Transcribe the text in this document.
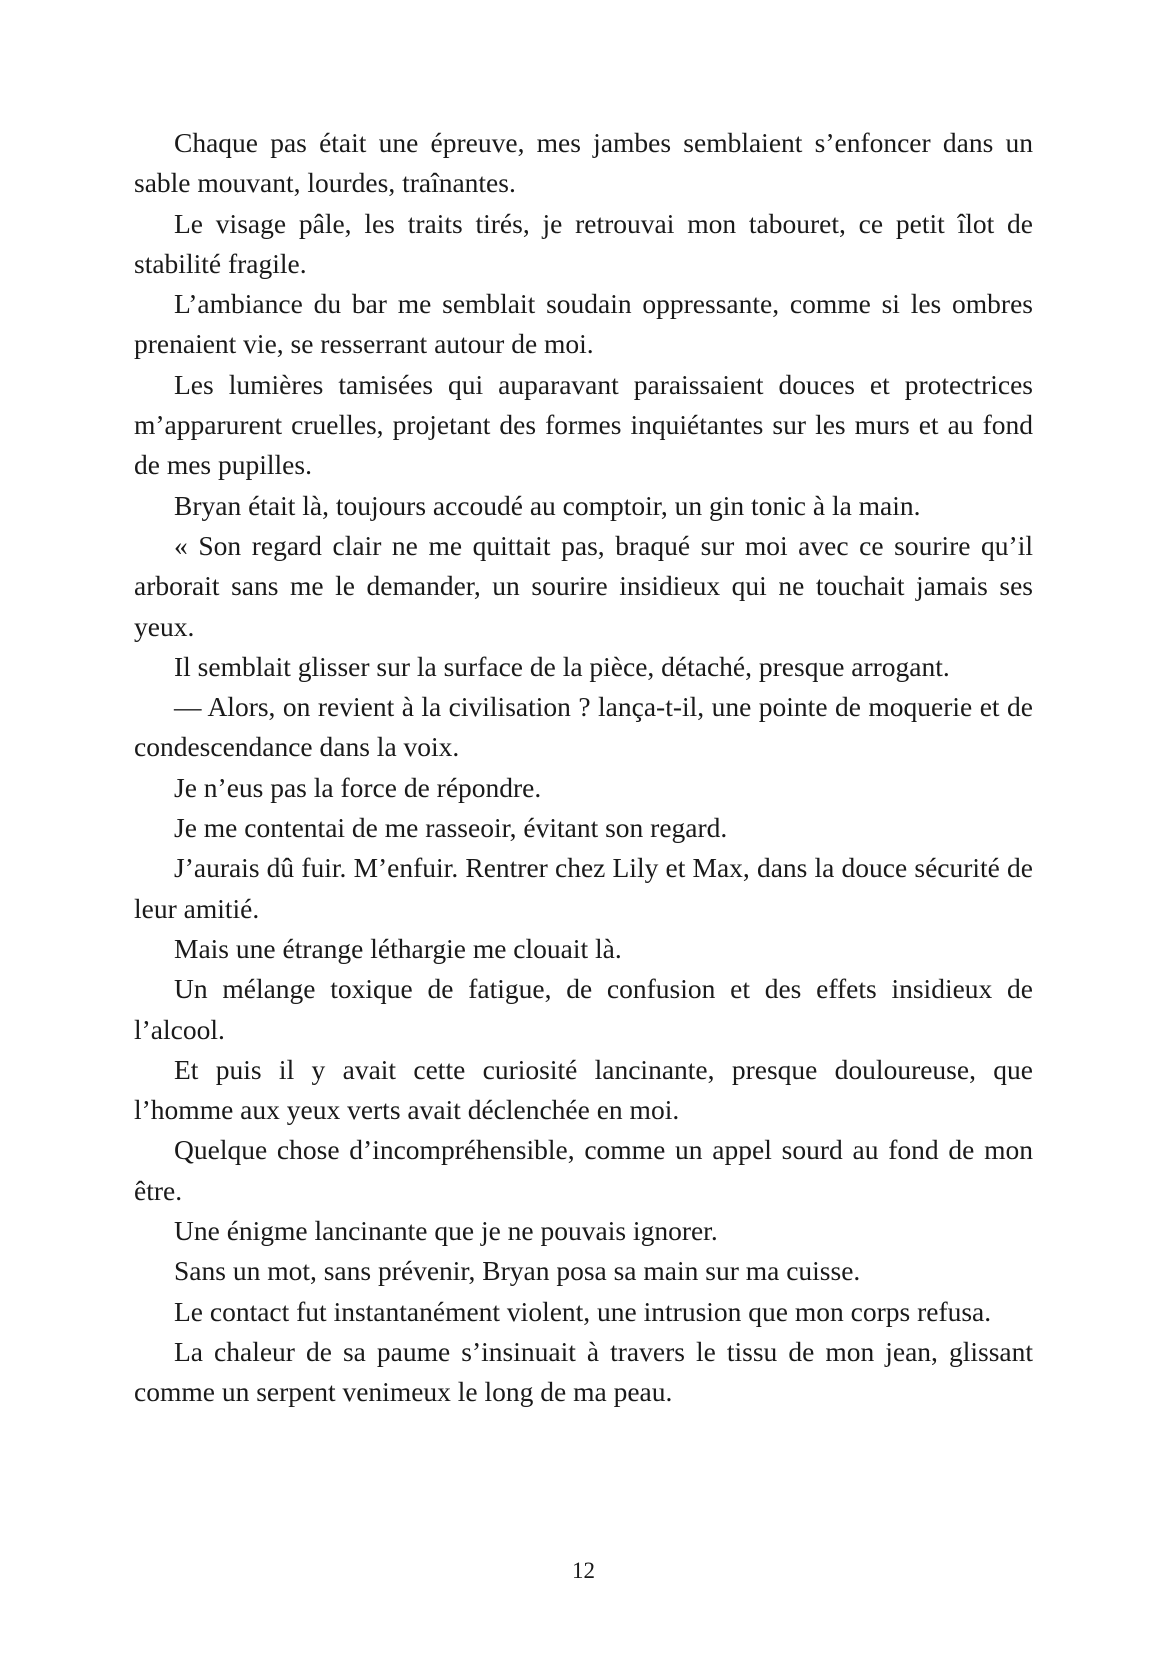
Chaque pas était une épreuve, mes jambes semblaient s’enfoncer dans un sable mouvant, lourdes, traînantes.

Le visage pâle, les traits tirés, je retrouvai mon tabouret, ce petit îlot de stabilité fragile.

L’ambiance du bar me semblait soudain oppressante, comme si les ombres prenaient vie, se resserrant autour de moi.

Les lumières tamisées qui auparavant paraissaient douces et protectrices m’apparurent cruelles, projetant des formes inquiétantes sur les murs et au fond de mes pupilles.

Bryan était là, toujours accoudé au comptoir, un gin tonic à la main.

« Son regard clair ne me quittait pas, braqué sur moi avec ce sourire qu’il arborait sans me le demander, un sourire insidieux qui ne touchait jamais ses yeux.

Il semblait glisser sur la surface de la pièce, détaché, presque arrogant.

— Alors, on revient à la civilisation ? lança-t-il, une pointe de moquerie et de condescendance dans la voix.

Je n’eus pas la force de répondre.

Je me contentai de me rasseoir, évitant son regard.

J’aurais dû fuir. M’enfuir. Rentrer chez Lily et Max, dans la douce sécurité de leur amitié.

Mais une étrange léthargie me clouait là.

Un mélange toxique de fatigue, de confusion et des effets insidieux de l’alcool.

Et puis il y avait cette curiosité lancinante, presque douloureuse, que l’homme aux yeux verts avait déclenchée en moi.

Quelque chose d’incompréhensible, comme un appel sourd au fond de mon être.

Une énigme lancinante que je ne pouvais ignorer.

Sans un mot, sans prévenir, Bryan posa sa main sur ma cuisse.

Le contact fut instantanément violent, une intrusion que mon corps refusa.

La chaleur de sa paume s’insinuait à travers le tissu de mon jean, glissant comme un serpent venimeux le long de ma peau.

12
